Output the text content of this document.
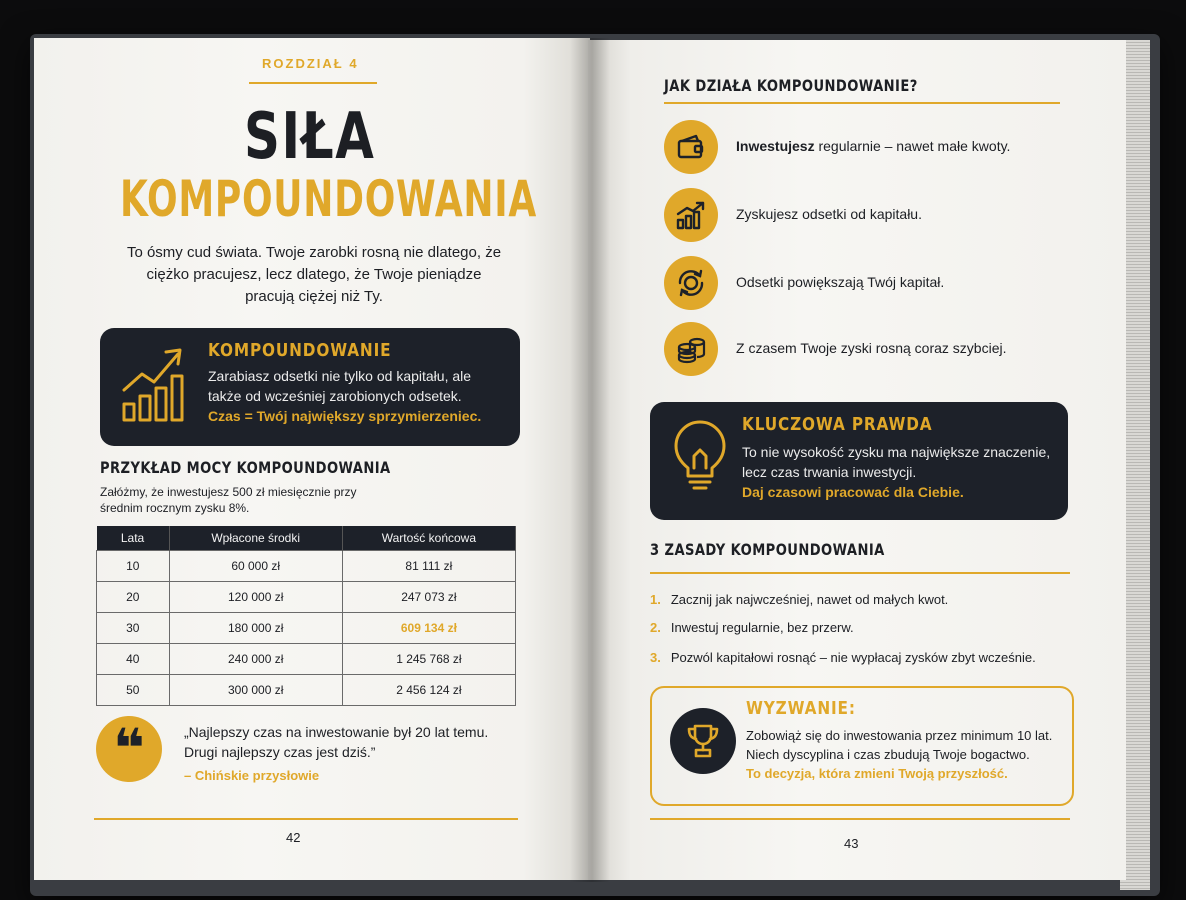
ROZDZIAŁ 4
SIŁA
KOMPOUNDOWANIA
To ósmy cud świata. Twoje zarobki rosną nie dlatego, że ciężko pracujesz, lecz dlatego, że Twoje pieniądze pracują ciężej niż Ty.
KOMPOUNDOWANIE
Zarabiasz odsetki nie tylko od kapitału, ale także od wcześniej zarobionych odsetek.
Czas = Twój największy sprzymierzeniec.
PRZYKŁAD MOCY KOMPOUNDOWANIA
Załóżmy, że inwestujesz 500 zł miesięcznie przy średnim rocznym zysku 8%.
Lata	Wpłacone środki	Wartość końcowa
10	60 000 zł	81 111 zł
20	120 000 zł	247 073 zł
30	180 000 zł	609 134 zł
40	240 000 zł	1 245 768 zł
50	300 000 zł	2 456 124 zł
❝	„Najlepszy czas na inwestowanie był 20 lat temu. Drugi najlepszy czas jest dziś.”
– Chińskie przysłowie
42
JAK DZIAŁA KOMPOUNDOWANIE?
Inwestujesz regularnie – nawet małe kwoty.
Zyskujesz odsetki od kapitału.
Odsetki powiększają Twój kapitał.
Z czasem Twoje zyski rosną coraz szybciej.
KLUCZOWA PRAWDA
To nie wysokość zysku ma największe znaczenie, lecz czas trwania inwestycji.
Daj czasowi pracować dla Ciebie.
3 ZASADY KOMPOUNDOWANIA
1. Zacznij jak najwcześniej, nawet od małych kwot.
2. Inwestuj regularnie, bez przerw.
3. Pozwól kapitałowi rosnąć – nie wypłacaj zysków zbyt wcześnie.
WYZWANIE:
Zobowiąż się do inwestowania przez minimum 10 lat. Niech dyscyplina i czas zbudują Twoje bogactwo.
To decyzja, która zmieni Twoją przyszłość.
43
